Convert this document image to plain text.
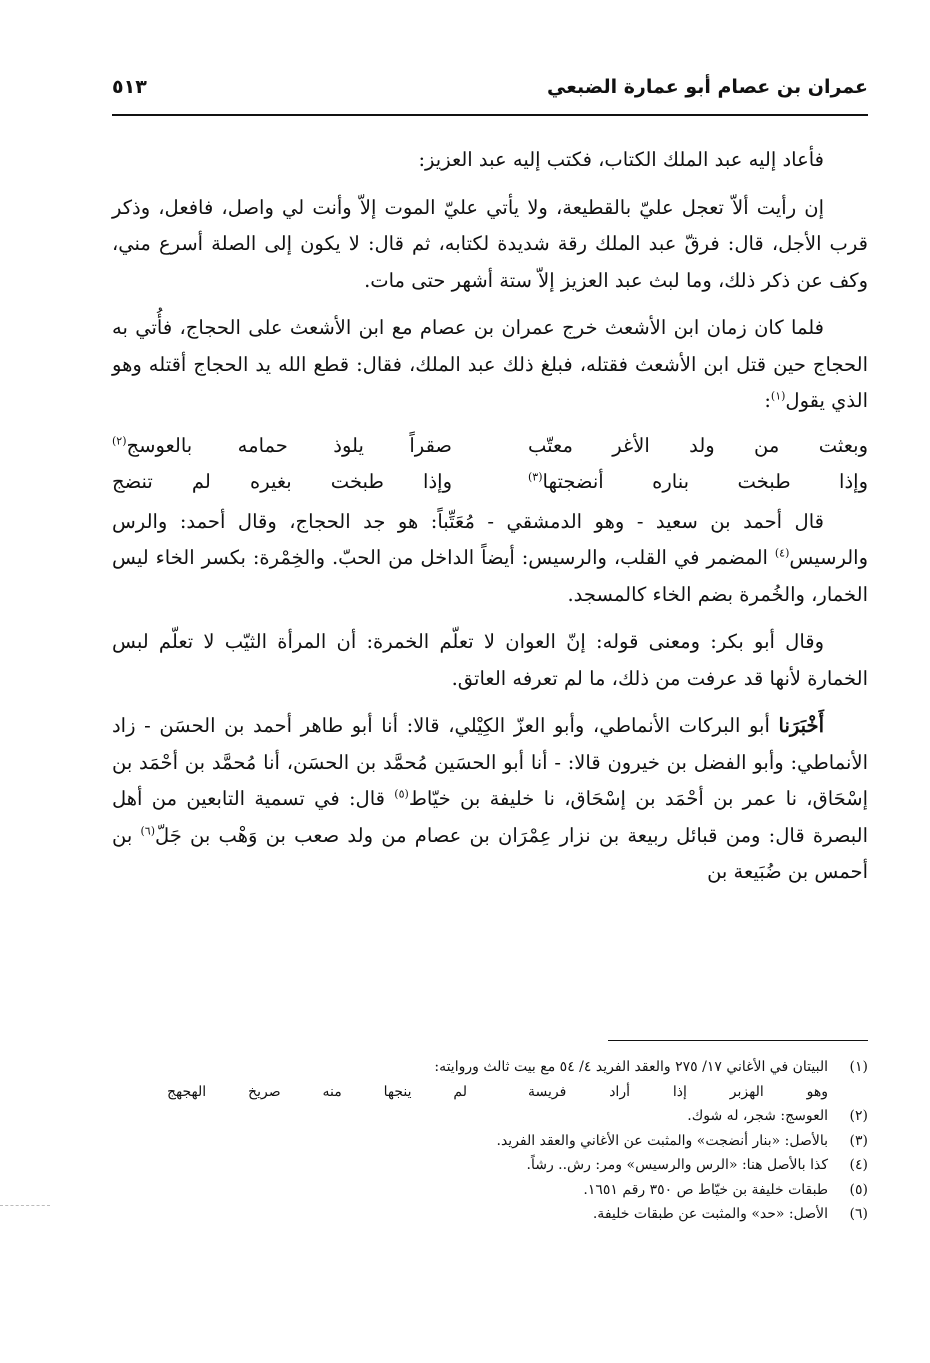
عمران بن عصام أبو عمارة الضبعي
٥١٣

فأعاد إليه عبد الملك الكتاب، فكتب إليه عبد العزيز:

إن رأيت ألاّ تعجل عليّ بالقطيعة، ولا يأتي عليّ الموت إلاّ وأنت لي واصل، فافعل، وذكر قرب الأجل، قال: فرقّ عبد الملك رقة شديدة لكتابه، ثم قال: لا يكون إلى الصلة أسرع مني، وكف عن ذكر ذلك، وما لبث عبد العزيز إلاّ ستة أشهر حتى مات.

فلما كان زمان ابن الأشعث خرج عمران بن عصام مع ابن الأشعث على الحجاج، فأُتي به الحجاج حين قتل ابن الأشعث فقتله، فبلغ ذلك عبد الملك، فقال: قطع الله يد الحجاج أقتله وهو الذي يقول$^{(١)}$:

وبعثت من ولد الأغر معتّب
صقراً يلوذ حمامه بالعوسج$^{(٢)}$
وإذا طبخت بناره أنضجتها$^{(٣)}$
وإذا طبخت بغيره لم تنضج

قال أحمد بن سعيد - وهو الدمشقي - مُعَتِّباً: هو جد الحجاج، وقال أحمد: والرس والرسيس$^{(٤)}$ المضمر في القلب، والرسيس: أيضاً الداخل من الحبّ. والخِمْرة: بكسر الخاء ليس الخمار، والخُمرة بضم الخاء كالمسجد.

وقال أبو بكر: ومعنى قوله: إنّ العوان لا تعلّم الخمرة: أن المرأة الثيّب لا تعلّم لبس الخمارة لأنها قد عرفت من ذلك، ما لم تعرفه العاتق.

أَخْبَرَنا أبو البركات الأنماطي، وأبو العزّ الكِيْلي، قالا: أنا أبو طاهر أحمد بن الحسَن - زاد الأنماطي: وأبو الفضل بن خيرون قالا: - أنا أبو الحسَين مُحمَّد بن الحسَن، أنا مُحمَّد بن أحْمَد بن إسْحَاق، نا عمر بن أحْمَد بن إسْحَاق، نا خليفة بن خيّاط$^{(٥)}$ قال: في تسمية التابعين من أهل البصرة قال: ومن قبائل ربيعة بن نزار عِمْرَان بن عصام من ولد صعب بن وَهْب بن جَلّ$^{(٦)}$ بن أحمس بن ضُبَيعة بن

(١)
البيتان في الأغاني ١٧/ ٢٧٥ والعقد الفريد ٤/ ٥٤ مع بيت ثالث وروايته:
وهو الهزبر إذا أراد فريسة
لم ينجها منه صريخ الهجهج
(٢)
العوسج: شجر، له شوك.
(٣)
بالأصل: «بنار أنضجت» والمثبت عن الأغاني والعقد الفريد.
(٤)
كذا بالأصل هنا: «الرس والرسيس» ومر: رش.. رشاً.
(٥)
طبقات خليفة بن خيّاط ص ٣٥٠ رقم ١٦٥١.
(٦)
الأصل: «حد» والمثبت عن طبقات خليفة.
